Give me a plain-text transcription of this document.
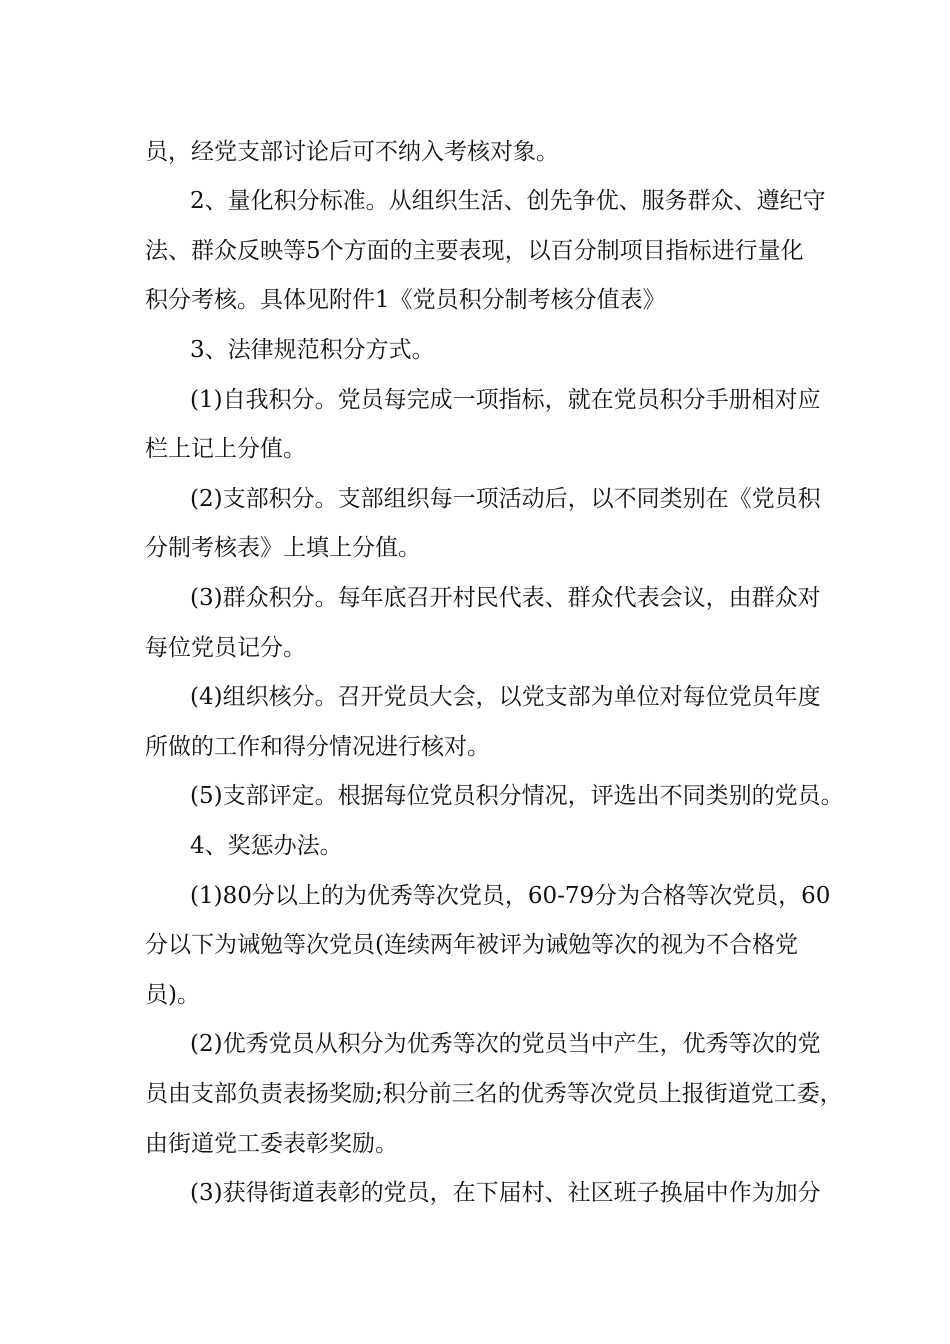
员，经党支部讨论后可不纳入考核对象。
2、量化积分标准。从组织生活、创先争优、服务群众、遵纪守
法、群众反映等5个方面的主要表现，以百分制项目指标进行量化
积分考核。具体见附件1《党员积分制考核分值表》
3、法律规范积分方式。
(1)自我积分。党员每完成一项指标，就在党员积分手册相对应
栏上记上分值。
(2)支部积分。支部组织每一项活动后，以不同类别在《党员积
分制考核表》上填上分值。
(3)群众积分。每年底召开村民代表、群众代表会议，由群众对
每位党员记分。
(4)组织核分。召开党员大会，以党支部为单位对每位党员年度
所做的工作和得分情况进行核对。
(5)支部评定。根据每位党员积分情况，评选出不同类别的党员。
4、奖惩办法。
(1)80分以上的为优秀等次党员，60-79分为合格等次党员，60
分以下为诫勉等次党员(连续两年被评为诫勉等次的视为不合格党
员)。
(2)优秀党员从积分为优秀等次的党员当中产生，优秀等次的党
员由支部负责表扬奖励;积分前三名的优秀等次党员上报街道党工委，
由街道党工委表彰奖励。
(3)获得街道表彰的党员，在下届村、社区班子换届中作为加分
